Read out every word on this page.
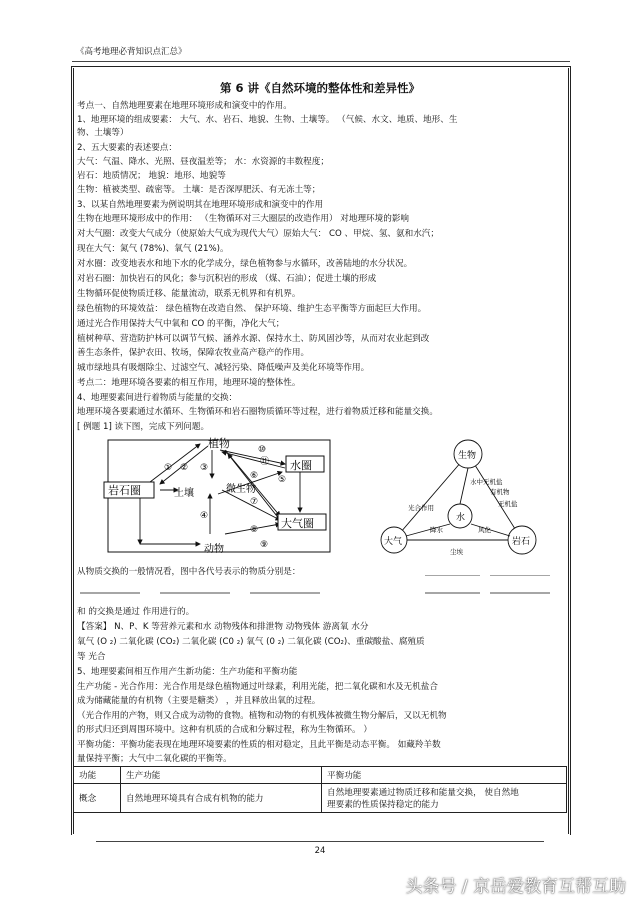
《高考地理必背知识点汇总》
第 6 讲《自然环境的整体性和差异性》
考点一、自然地理要素在地理环境形成和演变中的作用。
1、地理环境的组成要素： 大气、水、岩石、地貌、生物、土壤等。 （气候、水文、地质、地形、生
物、土壤等）
2、五大要素的表述要点：
大气：气温、降水、光照、昼夜温差等； 水：水资源的丰数程度；
岩石：地质情况； 地貌：地形、地貌等
生物：植被类型、疏密等。 土壤：是否深厚肥沃、有无冻土等；
3、以某自然地理要素为例说明其在地理环境形成和演变中的作用
生物在地理环境形成中的作用： （生物循环对三大圈层的改造作用） 对地理环境的影响
对大气圈：改变大气成分（使原始大气成为现代大气）原始大气： CO 、甲烷、氢、氨和水汽；
现在大气：氮气 (78%)、氧气 (21%)。
对水圈：改变地表水和地下水的化学成分，绿色植物参与水循环，改善陆地的水分状况。
对岩石圈：加快岩石的风化；参与沉积岩的形成 （煤、石油）；促进土壤的形成
生物循环促使物质迁移、能量流动，联系无机界和有机界。
绿色植物的环境效益： 绿色植物在改造自然、 保护环境、维护生态平衡等方面起巨大作用。
通过光合作用保持大气中氧和 CO 的平衡，净化大气；
植树种草、营造防护林可以调节气候、涵养水源、保持水土、防风固沙等，从而对农业起到改
善生态条件，保护农田、牧场，保障农牧业高产稳产的作用。
城市绿地具有吸烟除尘、过滤空气、减轻污染、降低噪声及美化环境等作用。
考点二：地理环境各要素的相互作用，地理环境的整体性。
4、地理要素间进行着物质与能量的交换：
地理环境各要素通过水循环、生物循环和岩石圈物质循环等过程，进行着物质迁移和能量交换。
[ 例题 1] 读下图，完成下列问题。
植物
岩石圈	土壤	微生物
动物
水圈
大气圈
① ② ③
④
⑤
⑥
⑦
⑧
⑨
⑩
⑪
生物
大气	岩石
水
水中无机盐
尘埃
风化
降水
光合作用
有机物
无机盐
从物质交换的一般情况看，图中各代号表示的物质分别是：
和 的交换是通过 作用进行的。
【答案】 N、P、K 等营养元素和水 动物残体和排泄物 动物残体 游离氧 水分
氧气 (O ₂) 二氧化碳 (CO₂) 二氧化碳 (C0 ₂) 氧气 (0 ₂) 二氧化碳 (CO₂)、重碳酸盐、腐殖质
等 光合
5、地理要素间相互作用产生新功能：生产功能和平衡功能
生产功能 - 光合作用：光合作用是绿色植物通过叶绿素，利用光能，把二氧化碳和水及无机盐合
成为储藏能量的有机物（主要是糖类） ，并且释放出氧的过程。
（光合作用的产物，则又合成为动物的食物。植物和动物的有机残体被微生物分解后，又以无机物
的形式归还到周围环境中。这种有机质的合成和分解过程，称为生物循环。 ）
平衡功能：平衡功能表现在地理环境要素的性质的相对稳定，且此平衡是动态平衡。 如藏羚羊数
量保持平衡；大气中二氧化碳的平衡等。
功能	生产功能	平衡功能
概念	自然地理环境具有合成有机物的能力	自然地理要素通过物质迁移和能量交换， 使自然地
理要素的性质保持稳定的能力
24
头条号 / 京岳爱教育互帮互助
